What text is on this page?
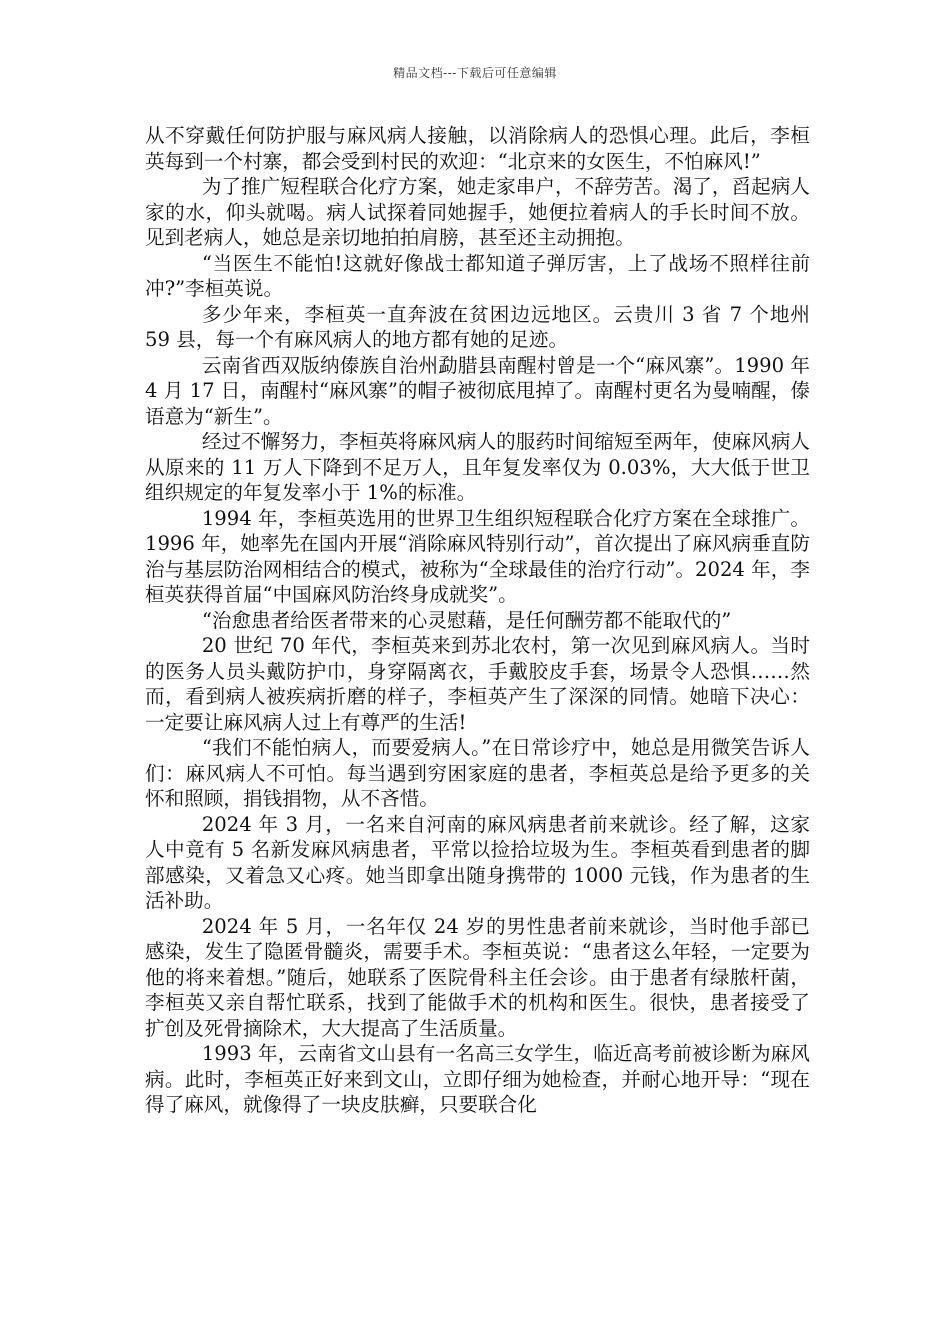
精品文档---下载后可任意编辑

从不穿戴任何防护服与麻风病人接触，以消除病人的恐惧心理。此后，李桓英每到一个村寨，都会受到村民的欢迎：“北京来的女医生，不怕麻风!”

为了推广短程联合化疗方案，她走家串户，不辞劳苦。渴了，舀起病人家的水，仰头就喝。病人试探着同她握手，她便拉着病人的手长时间不放。见到老病人，她总是亲切地拍拍肩膀，甚至还主动拥抱。

“当医生不能怕!这就好像战士都知道子弹厉害，上了战场不照样往前冲?”李桓英说。

多少年来，李桓英一直奔波在贫困边远地区。云贵川 3 省 7 个地州 59 县，每一个有麻风病人的地方都有她的足迹。

云南省西双版纳傣族自治州勐腊县南醒村曾是一个“麻风寨”。1990 年 4 月 17 日，南醒村“麻风寨”的帽子被彻底甩掉了。南醒村更名为曼喃醒，傣语意为“新生”。

经过不懈努力，李桓英将麻风病人的服药时间缩短至两年，使麻风病人从原来的 11 万人下降到不足万人，且年复发率仅为 0.03%，大大低于世卫组织规定的年复发率小于 1%的标准。

1994 年，李桓英选用的世界卫生组织短程联合化疗方案在全球推广。1996 年，她率先在国内开展“消除麻风特别行动”，首次提出了麻风病垂直防治与基层防治网相结合的模式，被称为“全球最佳的治疗行动”。2024 年，李桓英获得首届“中国麻风防治终身成就奖”。

“治愈患者给医者带来的心灵慰藉，是任何酬劳都不能取代的”

20 世纪 70 年代，李桓英来到苏北农村，第一次见到麻风病人。当时的医务人员头戴防护巾，身穿隔离衣，手戴胶皮手套，场景令人恐惧……然而，看到病人被疾病折磨的样子，李桓英产生了深深的同情。她暗下决心：一定要让麻风病人过上有尊严的生活!

“我们不能怕病人，而要爱病人。”在日常诊疗中，她总是用微笑告诉人们：麻风病人不可怕。每当遇到穷困家庭的患者，李桓英总是给予更多的关怀和照顾，捐钱捐物，从不吝惜。

2024 年 3 月，一名来自河南的麻风病患者前来就诊。经了解，这家人中竟有 5 名新发麻风病患者，平常以捡拾垃圾为生。李桓英看到患者的脚部感染，又着急又心疼。她当即拿出随身携带的 1000 元钱，作为患者的生活补助。

2024 年 5 月，一名年仅 24 岁的男性患者前来就诊，当时他手部已感染，发生了隐匿骨髓炎，需要手术。李桓英说：“患者这么年轻，一定要为他的将来着想。”随后，她联系了医院骨科主任会诊。由于患者有绿脓杆菌，李桓英又亲自帮忙联系，找到了能做手术的机构和医生。很快，患者接受了扩创及死骨摘除术，大大提高了生活质量。

1993 年，云南省文山县有一名高三女学生，临近高考前被诊断为麻风病。此时，李桓英正好来到文山，立即仔细为她检查，并耐心地开导：“现在得了麻风，就像得了一块皮肤癣，只要联合化
